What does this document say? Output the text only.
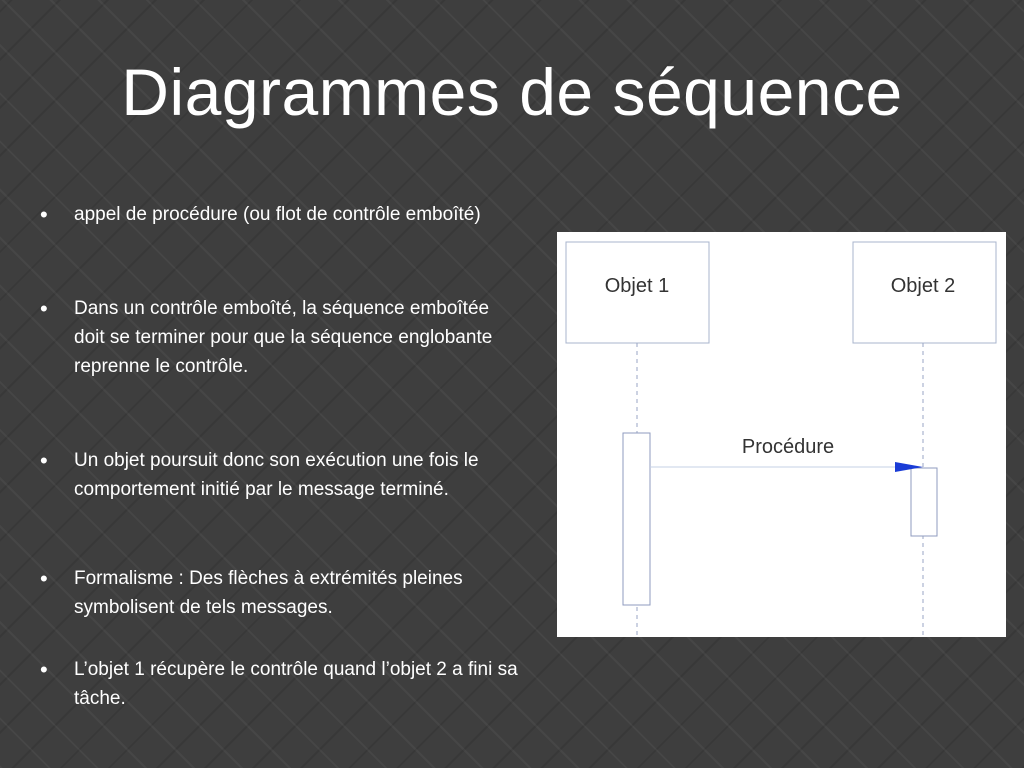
Diagrammes de séquence
• appel de procédure (ou flot de contrôle emboîté)
• Dans un contrôle emboîté, la séquence emboîtée doit se terminer pour que la séquence englobante reprenne le contrôle.
• Un objet poursuit donc son exécution une fois le comportement initié par le message terminé.
• Formalisme : Des flèches à extrémités pleines symbolisent de tels messages.
• L’objet 1 récupère le contrôle quand l’objet 2 a fini sa tâche.
Objet 1	Objet 2
Procédure
